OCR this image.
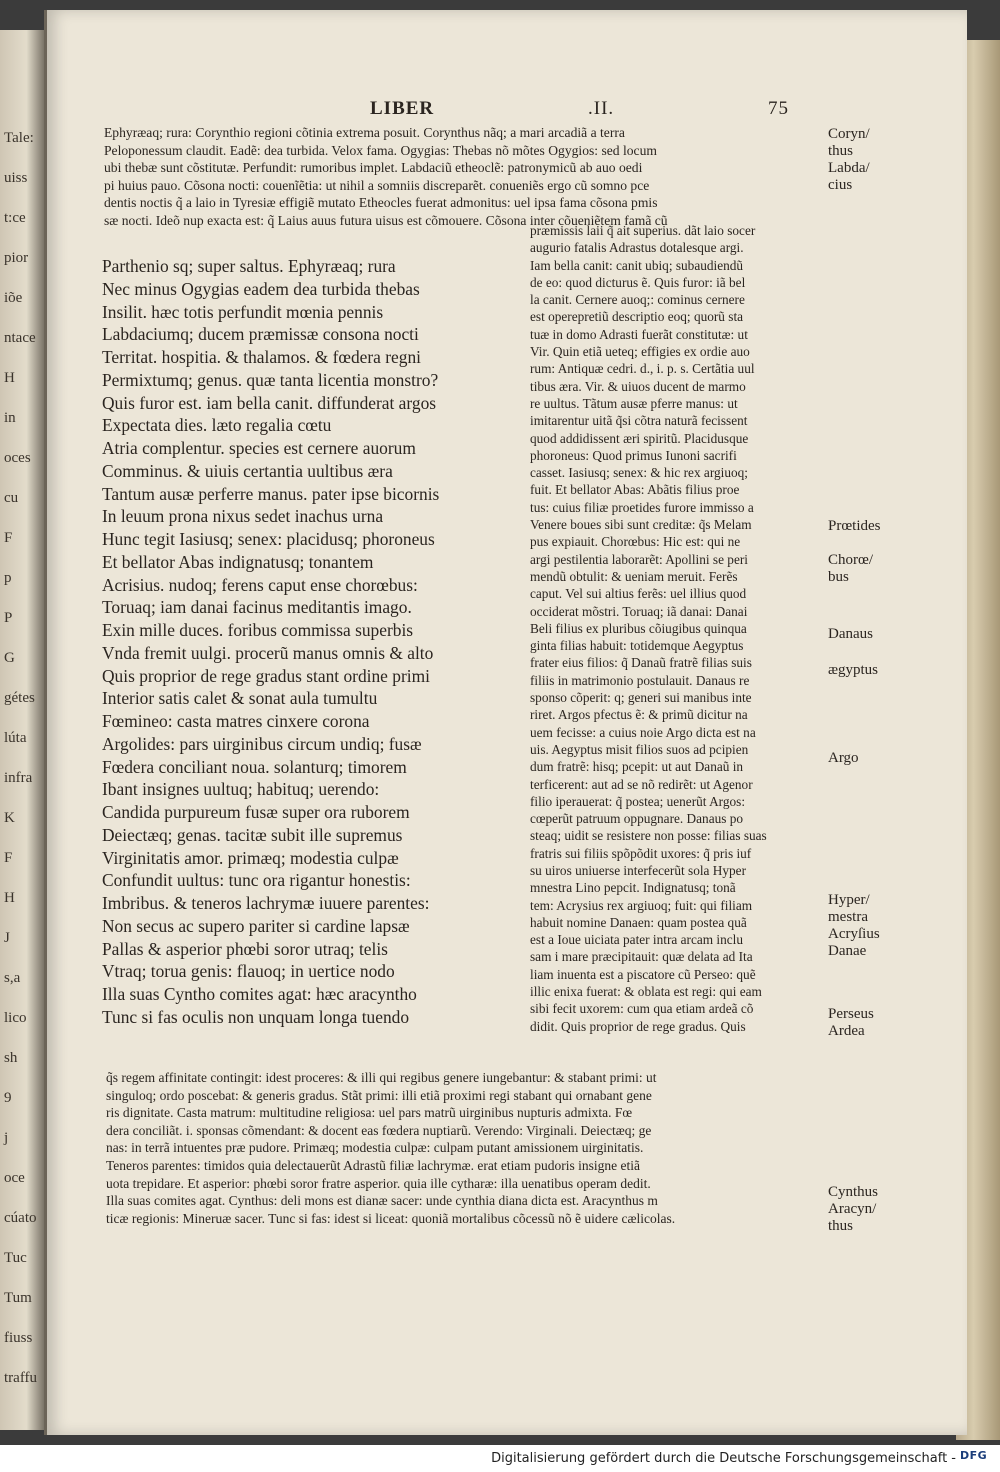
Tale:
uiss
t:ce
pior
iõe
ntace
H
in
oces
cu
F
p
P
G
gétes
lúta
infra
K
F
H
J
s,a
lico
sh
9
j
oce
cúato
Tuc
Tum
fiuss
traffu
LIBER	.II.	75
Ephyræaq; rura: Corynthio regioni cõtinia extrema posuit. Corynthus nãq; a mari arcadiã a terra
Peloponessum claudit. Eadẽ: dea turbida. Velox fama. Ogygias: Thebas nõ mõtes Ogygios: sed locum
ubi thebæ sunt cõstitutæ. Perfundit: rumoribus implet. Labdaciũ etheoclẽ: patronymicũ ab auo oedi
pi huius pauo. Cõsona nocti: couenĩẽtia: ut nihil a somniis discreparẽt. conueniẽs ergo cũ somno pce
dentis noctis q̃ a laio in Tyresiæ effigiẽ mutato Etheocles fuerat admonitus: uel ipsa fama cõsona pmis
sæ nocti. Ideõ nup exacta est: q̃ Laius auus futura uisus est cõmouere. Cõsona inter cõueniẽtem famã cũ
Parthenio sq; super saltus. Ephyræaq; rura
Nec minus Ogygias eadem dea turbida thebas
Insilit. hæc totis perfundit mœnia pennis
Labdaciumq; ducem præmissæ consona nocti
Territat. hospitia. & thalamos. & fœdera regni
Permixtumq; genus. quæ tanta licentia monstro?
Quis furor est. iam bella canit. diffunderat argos
Expectata dies. læto regalia cœtu
Atria complentur. species est cernere auorum
Comminus. & uiuis certantia uultibus æra
Tantum ausæ perferre manus. pater ipse bicornis
In leuum prona nixus sedet inachus urna
Hunc tegit Iasiusq; senex: placidusq; phoroneus
Et bellator Abas indignatusq; tonantem
Acrisius. nudoq; ferens caput ense chorœbus:
Toruaq; iam danai facinus meditantis imago.
Exin mille duces. foribus commissa superbis
Vnda fremit uulgi. procerũ manus omnis & alto
Quis proprior de rege gradus stant ordine primi
Interior satis calet & sonat aula tumultu
Fœmineo: casta matres cinxere corona
Argolides: pars uirginibus circum undiq; fusæ
Fœdera conciliant noua. solanturq; timorem
Ibant insignes uultuq; habituq; uerendo:
Candida purpureum fusæ super ora ruborem
Deiectæq; genas. tacitæ subit ille supremus
Virginitatis amor. primæq; modestia culpæ
Confundit uultus: tunc ora rigantur honestis:
Imbribus. & teneros lachrymæ iuuere parentes:
Non secus ac supero pariter si cardine lapsæ
Pallas & asperior phœbi soror utraq; telis
Vtraq; torua genis: flauoq; in uertice nodo
Illa suas Cyntho comites agat: hæc aracyntho
Tunc si fas oculis non unquam longa tuendo
præmissis laii q̃ ait superius. dãt laio socer
augurio fatalis Adrastus dotalesque argi.
Iam bella canit: canit ubiq; subaudiendũ
de eo: quod dicturus ẽ. Quis furor: iã bel
la canit. Cernere auoq;: cominus cernere
est operepretiũ descriptio eoq; quorũ sta
tuæ in domo Adrasti fuerãt constitutæ: ut
Vir. Quin etiã ueteq; effigies ex ordie auo
rum: Antiquæ cedri. d., i. p. s. Certãtia uul
tibus æra. Vir. & uiuos ducent de marmo
re uultus. Tãtum ausæ pferre manus: ut
imitarentur uitã q̃si cõtra naturã fecissent
quod addidissent æri spiritũ. Placidusque
phoroneus: Quod primus Iunoni sacrifi
casset. Iasiusq; senex: & hic rex argiuoq;
fuit. Et bellator Abas: Abãtis filius proe
tus: cuius filiæ proetides furore immisso a
Venere boues sibi sunt creditæ: q̃s Melam
pus expiauit. Chorœbus: Hic est: qui ne
argi pestilentia laborarẽt: Apollini se peri
mendũ obtulit: & ueniam meruit. Ferẽs
caput. Vel sui altius ferẽs: uel illius quod
occiderat mõstri. Toruaq; iã danai: Danai
Beli filius ex pluribus cõiugibus quinqua
ginta filias habuit: totidemque Aegyptus
frater eius filios: q̃ Danaũ fratrẽ filias suis
filiis in matrimonio postulauit. Danaus re
sponso cõperit: q; generi sui manibus inte
riret. Argos pfectus ẽ: & primũ dicitur na
uem fecisse: a cuius noie Argo dicta est na
uis. Aegyptus misit filios suos ad pcipien
dum fratrẽ: hisq; pcepit: ut aut Danaũ in
terficerent: aut ad se nõ redirẽt: ut Agenor
filio iperauerat: q̃ postea; uenerũt Argos:
cœperũt patruum oppugnare. Danaus po
steaq; uidit se resistere non posse: filias suas
fratris sui filiis spõpõdit uxores: q̃ pris iuf
su uiros uniuerse interfecerũt sola Hyper
mnestra Lino pepcit. Indignatusq; tonã
tem: Acrysius rex argiuoq; fuit: qui filiam
habuit nomine Danaen: quam postea quã
est a Ioue uiciata pater intra arcam inclu
sam i mare præcipitauit: quæ delata ad Ita
liam inuenta est a piscatore cũ Perseo: quẽ
illic enixa fuerat: & oblata est regi: qui eam
sibi fecit uxorem: cum qua etiam ardeã cõ
didit. Quis proprior de rege gradus. Quis
q̃s regem affinitate contingit: idest proceres: & illi qui regibus genere iungebantur: & stabant primi: ut
singuloq; ordo poscebat: & generis gradus. Stãt primi: illi etiã proximi regi stabant qui ornabant gene
ris dignitate. Casta matrum: multitudine religiosa: uel pars matrũ uirginibus nupturis admixta. Fœ
dera conciliãt. i. sponsas cõmendant: & docent eas fœdera nuptiarũ. Verendo: Virginali. Deiectæq; ge
nas: in terrã intuentes præ pudore. Primæq; modestia culpæ: culpam putant amissionem uirginitatis.
Teneros parentes: timidos quia delectauerũt Adrastũ filiæ lachrymæ. erat etiam pudoris insigne etiã
uota trepidare. Et asperior: phœbi soror fratre asperior. quia ille cytharæ: illa uenatibus operam dedit.
Illa suas comites agat. Cynthus: deli mons est dianæ sacer: unde cynthia diana dicta est. Aracynthus m
ticæ regionis: Mineruæ sacer. Tunc si fas: idest si liceat: quoniã mortalibus cõcessũ nõ ẽ uidere cælicolas.
Coryn/
thus
Labda/
cius
Prœtides
Chorœ/
bus
Danaus
ægyptus
Argo
Hyper/
mestra
Acryſius
Danae
Perseus
Ardea
Cynthus
Aracyn/
thus
Digitalisierung gefördert durch die Deutsche Forschungsgemeinschaft - DFG
